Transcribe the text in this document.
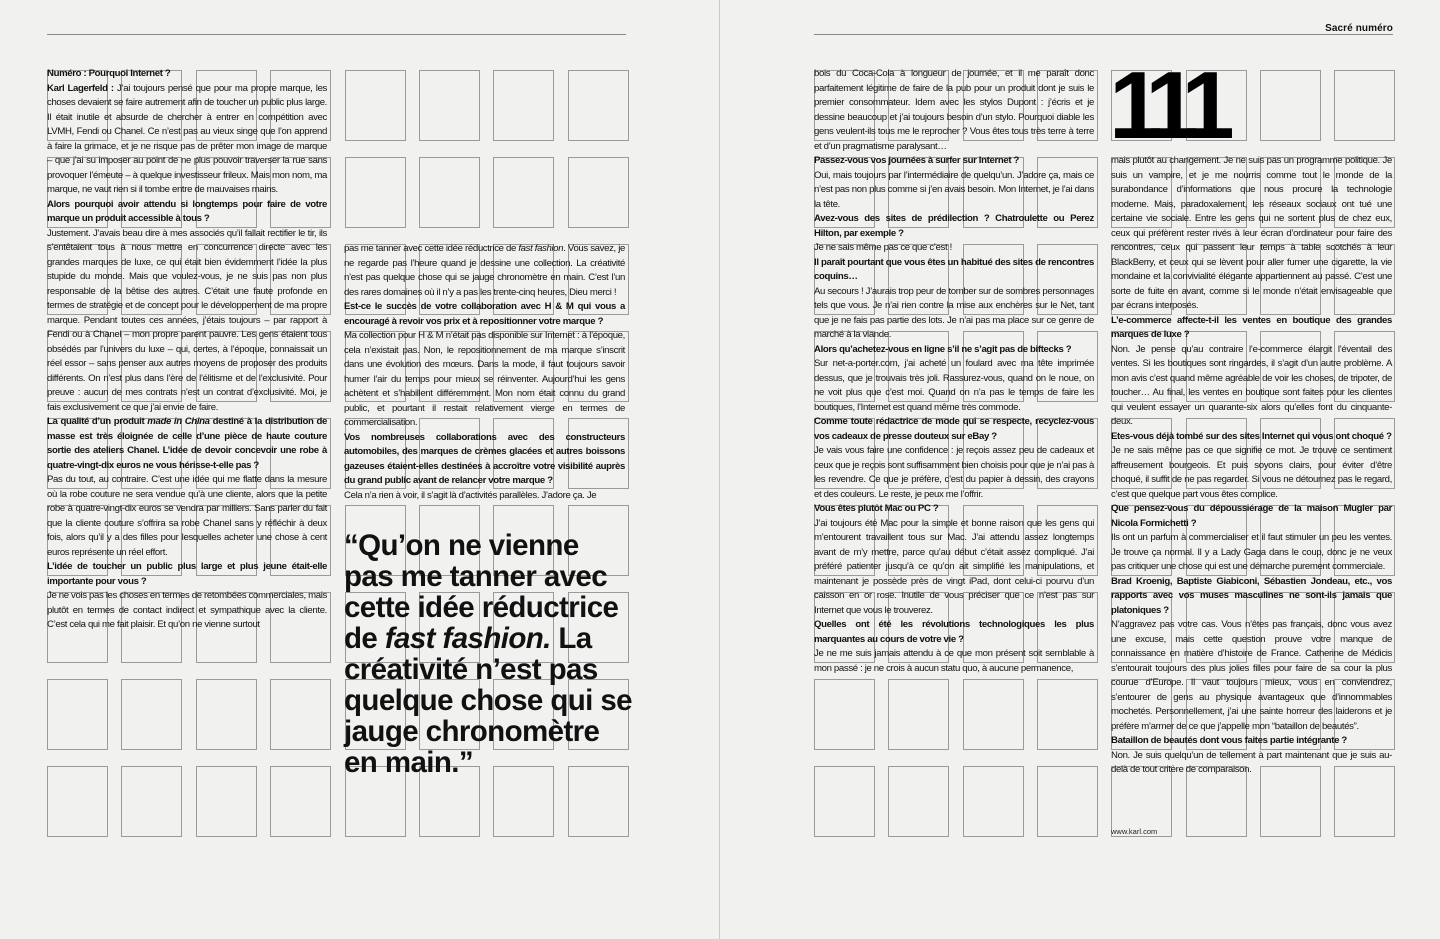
Sacré numéro
111

Numéro : Pourquoi Internet ?

Karl Lagerfeld : J’ai toujours pensé que pour ma propre marque, les choses devaient se faire autrement afin de toucher un public plus large. Il était inutile et absurde de chercher à entrer en compétition avec LVMH, Fendi ou Chanel. Ce n’est pas au vieux singe que l’on apprend à faire la grimace, et je ne risque pas de prêter mon image de marque – que j’ai su imposer au point de ne plus pouvoir traverser la rue sans provoquer l’émeute – à quelque investisseur frileux. Mais mon nom, ma marque, ne vaut rien si il tombe entre de mauvaises mains.

Alors pourquoi avoir attendu si longtemps pour faire de votre marque un produit accessible à tous ?

Justement. J’avais beau dire à mes associés qu’il fallait rectifier le tir, ils s’entêtaient tous à nous mettre en concurrence directe avec les grandes marques de luxe, ce qui était bien évidemment l’idée la plus stupide du monde. Mais que voulez-vous, je ne suis pas non plus responsable de la bêtise des autres. C’était une faute profonde en termes de stratégie et de concept pour le développement de ma propre marque. Pendant toutes ces années, j’étais toujours – par rapport à Fendi ou à Chanel – mon propre parent pauvre. Les gens étaient tous obsédés par l’univers du luxe – qui, certes, à l’époque, connaissait un réel essor – sans penser aux autres moyens de proposer des produits différents. On n’est plus dans l’ère de l’élitisme et de l’exclusivité. Pour preuve : aucun de mes contrats n’est un contrat d’exclusivité. Moi, je fais exclusivement ce que j’ai envie de faire.

La qualité d’un produit made in China destiné à la distribution de masse est très éloignée de celle d’une pièce de haute couture sortie des ateliers Chanel. L’idée de devoir concevoir une robe à quatre-vingt-dix euros ne vous hérisse-t-elle pas ?

Pas du tout, au contraire. C’est une idée qui me flatte dans la mesure où la robe couture ne sera vendue qu’à une cliente, alors que la petite robe à quatre-vingt-dix euros se vendra par milliers. Sans parler du fait que la cliente couture s’offrira sa robe Chanel sans y réfléchir à deux fois, alors qu’il y a des filles pour lesquelles acheter une chose à cent euros représente un réel effort.

L’idée de toucher un public plus large et plus jeune était-elle importante pour vous ?

Je ne vois pas les choses en termes de retombées commerciales, mais plutôt en termes de contact indirect et sympathique avec la cliente. C’est cela qui me fait plaisir. Et qu’on ne vienne surtout

pas me tanner avec cette idée réductrice de fast fashion. Vous savez, je ne regarde pas l’heure quand je dessine une collection. La créativité n’est pas quelque chose qui se jauge chronomètre en main. C’est l’un des rares domaines où il n’y a pas les trente-cinq heures, Dieu merci !

Est-ce le succès de votre collaboration avec H & M qui vous a encouragé à revoir vos prix et à repositionner votre marque ?

Ma collection pour H & M n’était pas disponible sur Internet : à l’époque, cela n’existait pas. Non, le repositionnement de ma marque s’inscrit dans une évolution des mœurs. Dans la mode, il faut toujours savoir humer l’air du temps pour mieux se réinventer. Aujourd’hui les gens achètent et s’habillent différemment. Mon nom était connu du grand public, et pourtant il restait relativement vierge en termes de commercialisation.

Vos nombreuses collaborations avec des constructeurs automobiles, des marques de crèmes glacées et autres boissons gazeuses étaient-elles destinées à accroître votre visibilité auprès du grand public avant de relancer votre marque ?

Cela n’a rien à voir, il s’agit là d’activités parallèles. J’adore ça. Je

“Qu’on ne vienne pas me tanner avec cette idée réductrice de fast fashion. La créativité n’est pas quelque chose qui se jauge chronomètre en main.”

bois du Coca-Cola à longueur de journée, et il me paraît donc parfaitement légitime de faire de la pub pour un produit dont je suis le premier consommateur. Idem avec les stylos Dupont : j’écris et je dessine beaucoup et j’ai toujours besoin d’un stylo. Pourquoi diable les gens veulent-ils tous me le reprocher ? Vous êtes tous très terre à terre et d’un pragmatisme paralysant…

Passez-vous vos journées à surfer sur Internet ?

Oui, mais toujours par l’intermédiaire de quelqu’un. J’adore ça, mais ce n’est pas non plus comme si j’en avais besoin. Mon Internet, je l’ai dans la tête.

Avez-vous des sites de prédilection ? Chatroulette ou Perez Hilton, par exemple ?

Je ne sais même pas ce que c’est !

Il paraît pourtant que vous êtes un habitué des sites de rencontres coquins…

Au secours ! J’aurais trop peur de tomber sur de sombres personnages tels que vous. Je n’ai rien contre la mise aux enchères sur le Net, tant que je ne fais pas partie des lots. Je n’ai pas ma place sur ce genre de marché à la viande.

Alors qu’achetez-vous en ligne s’il ne s’agit pas de biftecks ?

Sur net-a-porter.com, j’ai acheté un foulard avec ma tête imprimée dessus, que je trouvais très joli. Rassurez-vous, quand on le noue, on ne voit plus que c’est moi. Quand on n’a pas le temps de faire les boutiques, l’Internet est quand même très commode.

Comme toute rédactrice de mode qui se respecte, recyclez-vous vos cadeaux de presse douteux sur eBay ?

Je vais vous faire une confidence : je reçois assez peu de cadeaux et ceux que je reçois sont suffisamment bien choisis pour que je n’ai pas à les revendre. Ce que je préfère, c’est du papier à dessin, des crayons et des couleurs. Le reste, je peux me l’offrir.

Vous êtes plutôt Mac ou PC ?

J’ai toujours été Mac pour la simple et bonne raison que les gens qui m’entourent travaillent tous sur Mac. J’ai attendu assez longtemps avant de m’y mettre, parce qu’au début c’était assez compliqué. J’ai préféré patienter jusqu’à ce qu’on ait simplifié les manipulations, et maintenant je possède près de vingt iPad, dont celui-ci pourvu d’un caisson en or rose. Inutile de vous préciser que ce n’est pas sur Internet que vous le trouverez.

Quelles ont été les révolutions technologiques les plus marquantes au cours de votre vie ?

Je ne me suis jamais attendu à ce que mon présent soit semblable à mon passé : je ne crois à aucun statu quo, à aucune permanence,

mais plutôt au changement. Je ne suis pas un programme politique. Je suis un vampire, et je me nourris comme tout le monde de la surabondance d’informations que nous procure la technologie moderne. Mais, paradoxalement, les réseaux sociaux ont tué une certaine vie sociale. Entre les gens qui ne sortent plus de chez eux, ceux qui préfèrent rester rivés à leur écran d’ordinateur pour faire des rencontres, ceux qui passent leur temps à table scotchés à leur BlackBerry, et ceux qui se lèvent pour aller fumer une cigarette, la vie mondaine et la convivialité élégante appartiennent au passé. C’est une sorte de fuite en avant, comme si le monde n’était envisageable que par écrans interposés.

L’e-commerce affecte-t-il les ventes en boutique des grandes marques de luxe ?

Non. Je pense qu’au contraire l’e-commerce élargit l’éventail des ventes. Si les boutiques sont ringardes, il s’agit d’un autre problème. A mon avis c’est quand même agréable de voir les choses, de tripoter, de toucher… Au final, les ventes en boutique sont faites pour les clientes qui veulent essayer un quarante-six alors qu’elles font du cinquante-deux.

Etes-vous déjà tombé sur des sites Internet qui vous ont choqué ?

Je ne sais même pas ce que signifie ce mot. Je trouve ce sentiment affreusement bourgeois. Et puis soyons clairs, pour éviter d’être choqué, il suffit de ne pas regarder. Si vous ne détournez pas le regard, c’est que quelque part vous êtes complice.

Que pensez-vous du dépoussiérage de la maison Mugler par Nicola Formichetti ?

Ils ont un parfum à commercialiser et il faut stimuler un peu les ventes. Je trouve ça normal. Il y a Lady Gaga dans le coup, donc je ne veux pas critiquer une chose qui est une démarche purement commerciale.

Brad Kroenig, Baptiste Giabiconi, Sébastien Jondeau, etc., vos rapports avec vos muses masculines ne sont-ils jamais que platoniques ?

N’aggravez pas votre cas. Vous n’êtes pas français, donc vous avez une excuse, mais cette question prouve votre manque de connaissance en matière d’histoire de France. Catherine de Médicis s’entourait toujours des plus jolies filles pour faire de sa cour la plus courue d’Europe. Il vaut toujours mieux, vous en conviendrez, s’entourer de gens au physique avantageux que d’innommables mochetés. Personnellement, j’ai une sainte horreur des laiderons et je préfère m’armer de ce que j’appelle mon “bataillon de beautés”.

Bataillon de beautés dont vous faites partie intégrante ?

Non. Je suis quelqu’un de tellement à part maintenant que je suis au-delà de tout critère de comparaison.

www.karl.com
